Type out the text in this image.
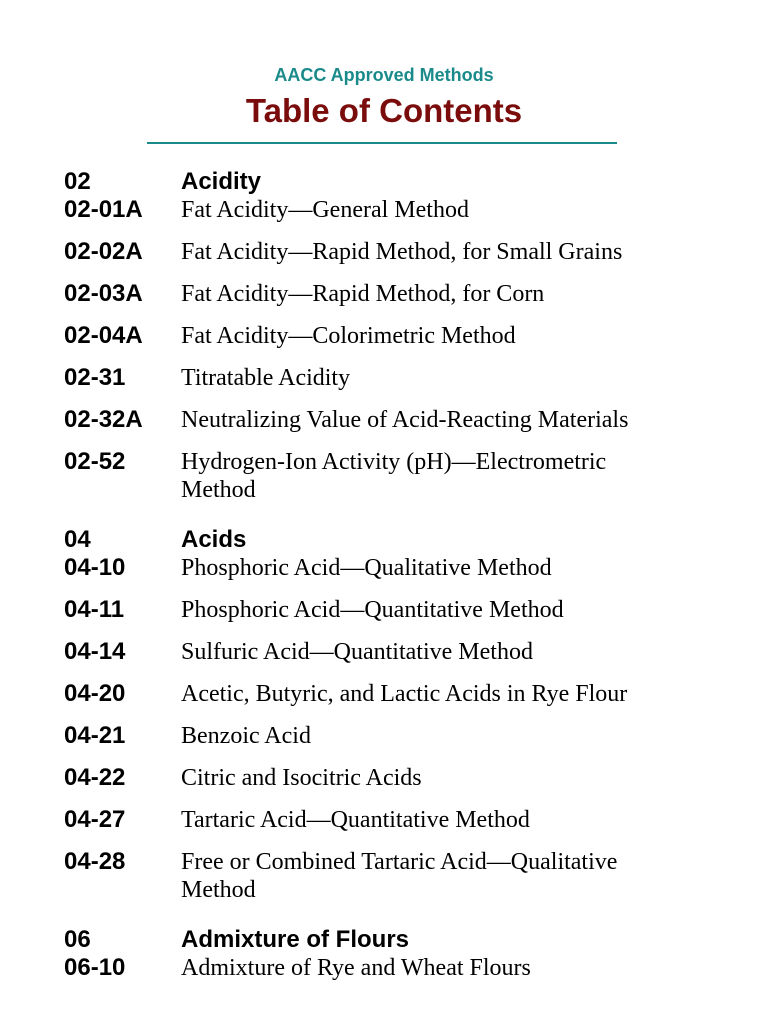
AACC Approved Methods
Table of Contents
02	Acidity
02-01A	Fat Acidity—General Method
02-02A	Fat Acidity—Rapid Method, for Small Grains
02-03A	Fat Acidity—Rapid Method, for Corn
02-04A	Fat Acidity—Colorimetric Method
02-31	Titratable Acidity
02-32A	Neutralizing Value of Acid-Reacting Materials
02-52	Hydrogen-Ion Activity (pH)—Electrometric Method
04	Acids
04-10	Phosphoric Acid—Qualitative Method
04-11	Phosphoric Acid—Quantitative Method
04-14	Sulfuric Acid—Quantitative Method
04-20	Acetic, Butyric, and Lactic Acids in Rye Flour
04-21	Benzoic Acid
04-22	Citric and Isocitric Acids
04-27	Tartaric Acid—Quantitative Method
04-28	Free or Combined Tartaric Acid—Qualitative Method
06	Admixture of Flours
06-10	Admixture of Rye and Wheat Flours
